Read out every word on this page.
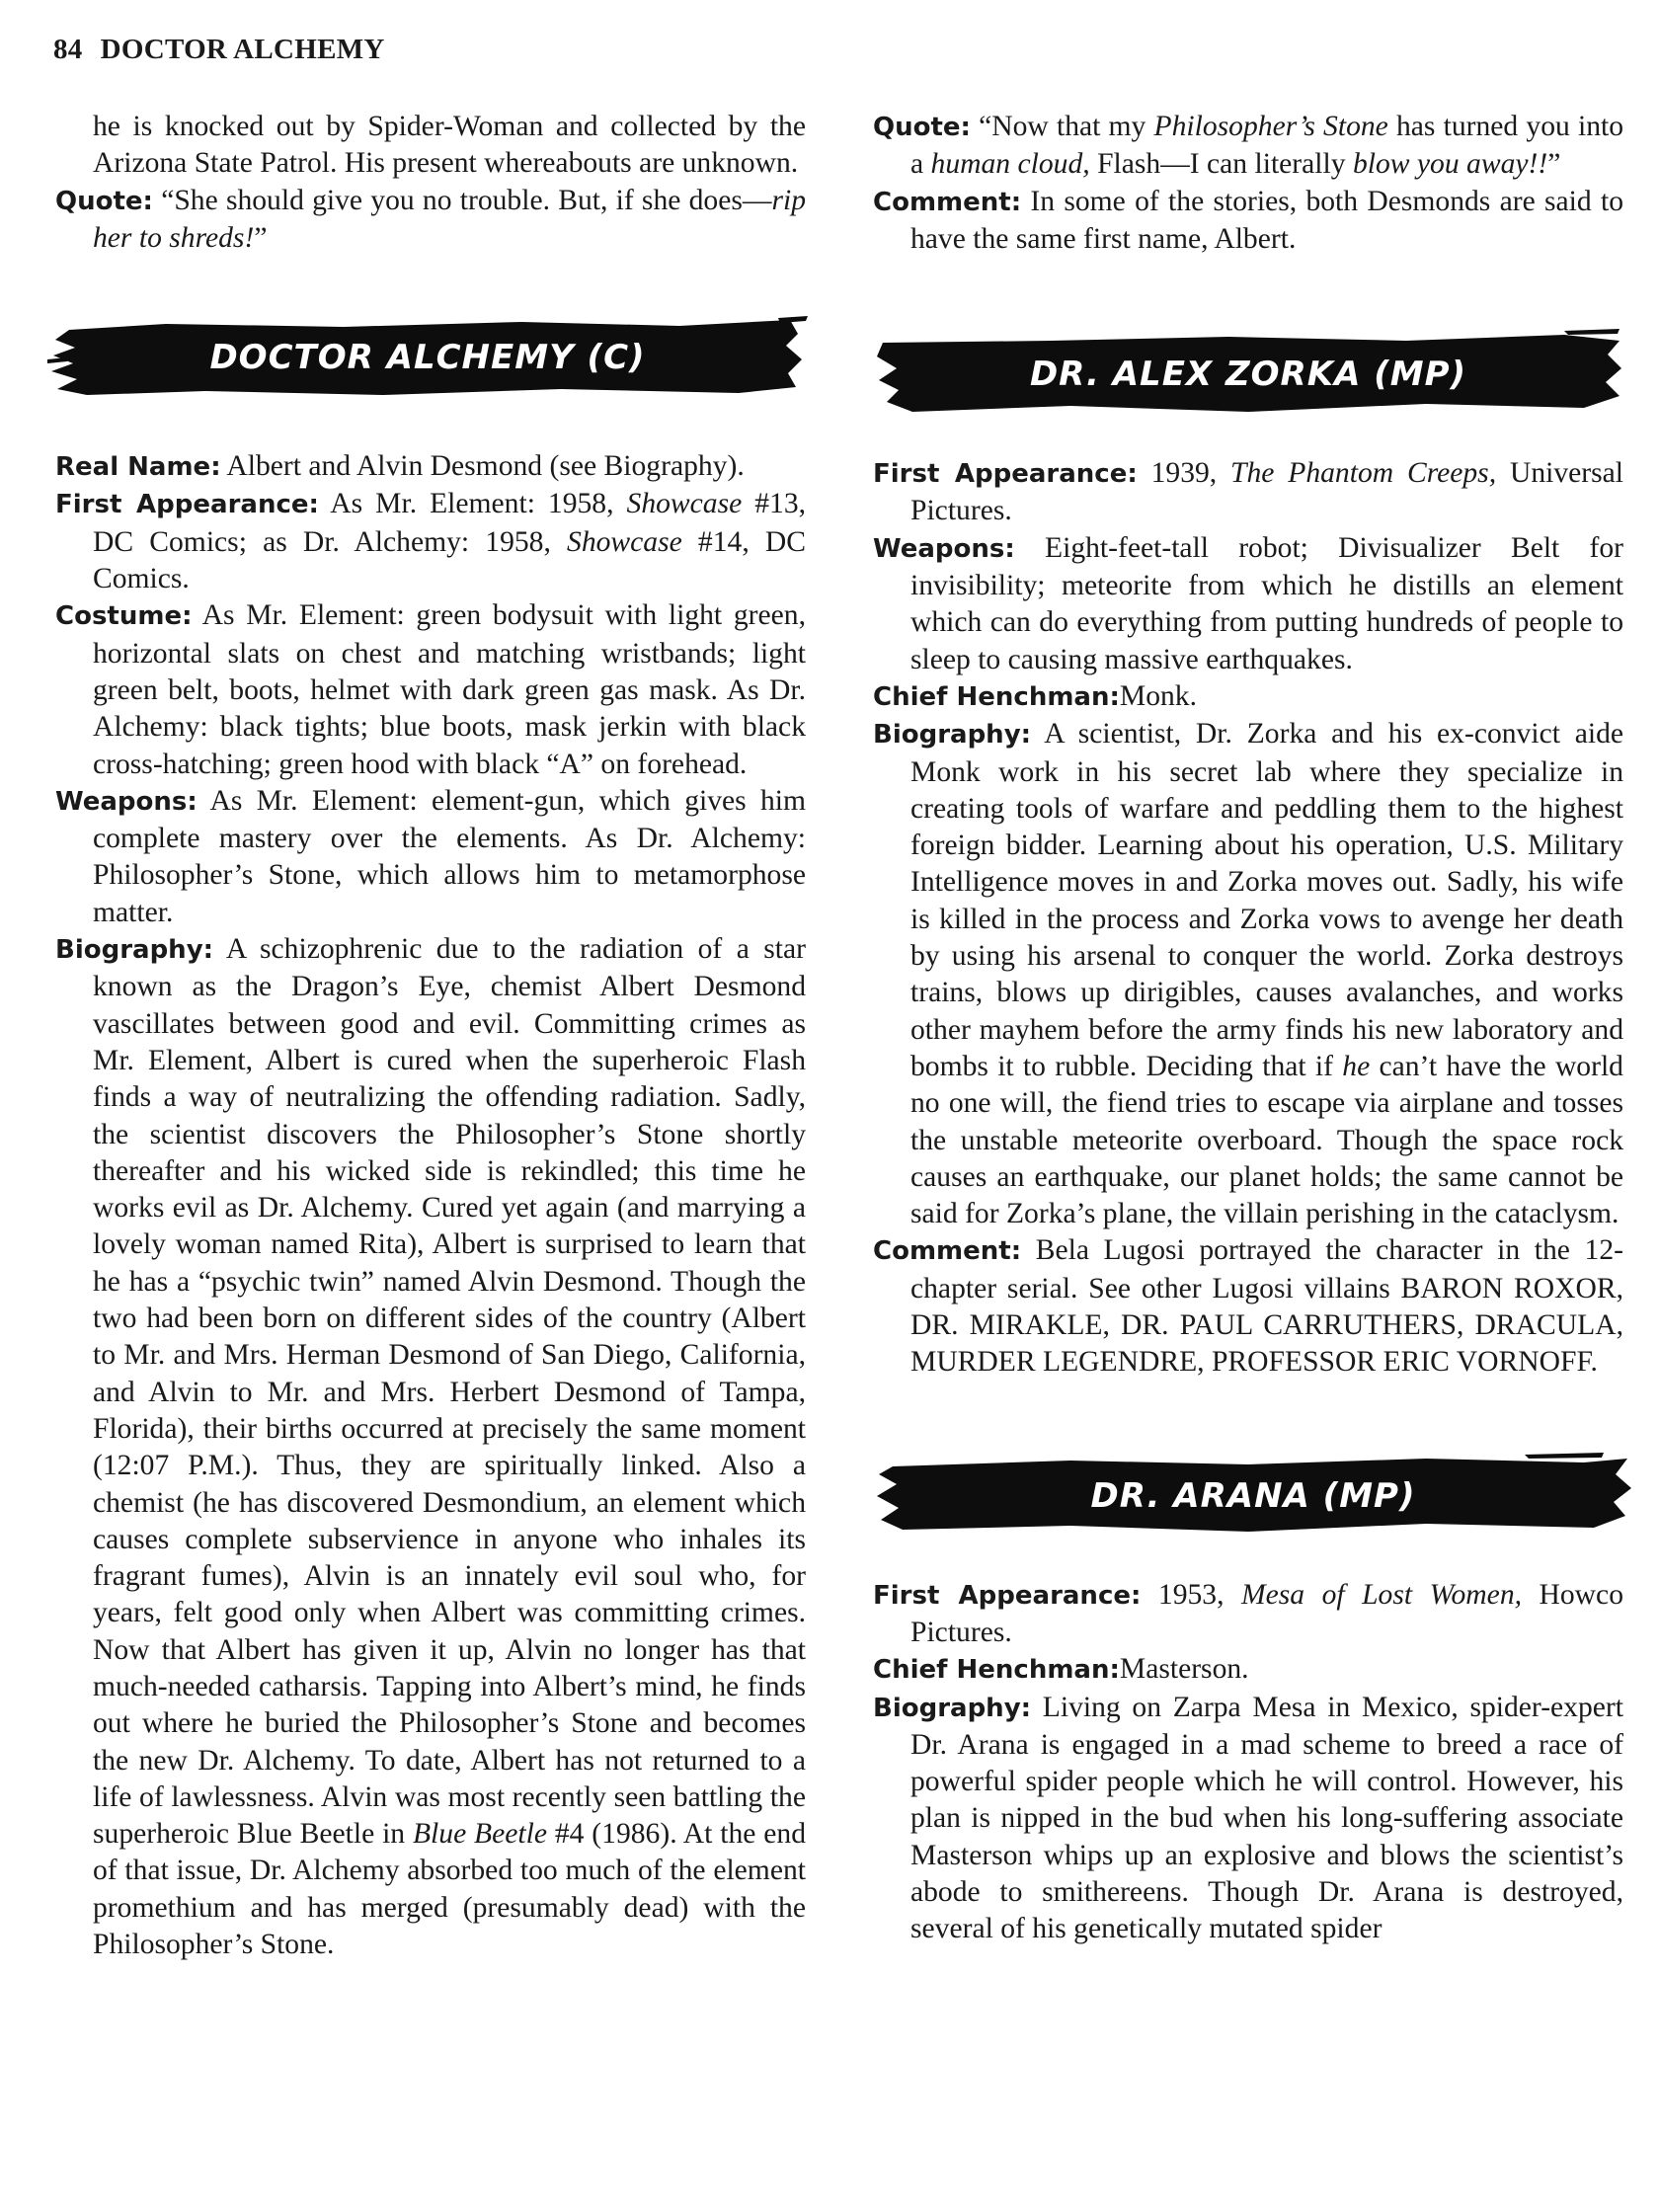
84 DOCTOR ALCHEMY

he is knocked out by Spider-Woman and collected by the Arizona State Patrol. His present whereabouts are unknown.

Quote: “She should give you no trouble. But, if she does—rip her to shreds!”

DOCTOR ALCHEMY (C)

Real Name: Albert and Alvin Desmond (see Biography).

First Appearance: As Mr. Element: 1958, Showcase #13, DC Comics; as Dr. Alchemy: 1958, Showcase #14, DC Comics.

Costume: As Mr. Element: green bodysuit with light green, horizontal slats on chest and matching wristbands; light green belt, boots, helmet with dark green gas mask. As Dr. Alchemy: black tights; blue boots, mask jerkin with black cross-hatching; green hood with black “A” on forehead.

Weapons: As Mr. Element: element-gun, which gives him complete mastery over the elements. As Dr. Alchemy: Philosopher’s Stone, which allows him to metamorphose matter.

Biography: A schizophrenic due to the radiation of a star known as the Dragon’s Eye, chemist Albert Desmond vascillates between good and evil. Committing crimes as Mr. Element, Albert is cured when the superheroic Flash finds a way of neutralizing the offending radiation. Sadly, the scientist discovers the Philosopher’s Stone shortly thereafter and his wicked side is rekindled; this time he works evil as Dr. Alchemy. Cured yet again (and marrying a lovely woman named Rita), Albert is surprised to learn that he has a “psychic twin” named Alvin Desmond. Though the two had been born on different sides of the country (Albert to Mr. and Mrs. Herman Desmond of San Diego, California, and Alvin to Mr. and Mrs. Herbert Desmond of Tampa, Florida), their births occurred at precisely the same moment (12:07 P.M.). Thus, they are spiritually linked. Also a chemist (he has discovered Desmondium, an element which causes complete subservience in anyone who inhales its fragrant fumes), Alvin is an innately evil soul who, for years, felt good only when Albert was committing crimes. Now that Albert has given it up, Alvin no longer has that much-needed catharsis. Tapping into Albert’s mind, he finds out where he buried the Philosopher’s Stone and becomes the new Dr. Alchemy. To date, Albert has not returned to a life of lawlessness. Alvin was most recently seen battling the superheroic Blue Beetle in Blue Beetle #4 (1986). At the end of that issue, Dr. Alchemy absorbed too much of the element promethium and has merged (presumably dead) with the Philosopher’s Stone.

Quote: “Now that my Philosopher’s Stone has turned you into a human cloud, Flash—I can literally blow you away!!”

Comment: In some of the stories, both Desmonds are said to have the same first name, Albert.

DR. ALEX ZORKA (MP)

First Appearance: 1939, The Phantom Creeps, Universal Pictures.

Weapons: Eight-feet-tall robot; Divisualizer Belt for invisibility; meteorite from which he distills an element which can do everything from putting hundreds of people to sleep to causing massive earthquakes.

Chief Henchman:Monk.

Biography: A scientist, Dr. Zorka and his ex-convict aide Monk work in his secret lab where they specialize in creating tools of warfare and peddling them to the highest foreign bidder. Learning about his operation, U.S. Military Intelligence moves in and Zorka moves out. Sadly, his wife is killed in the process and Zorka vows to avenge her death by using his arsenal to conquer the world. Zorka destroys trains, blows up dirigibles, causes avalanches, and works other mayhem before the army finds his new laboratory and bombs it to rubble. Deciding that if he can’t have the world no one will, the fiend tries to escape via airplane and tosses the unstable meteorite overboard. Though the space rock causes an earthquake, our planet holds; the same cannot be said for Zorka’s plane, the villain perishing in the cataclysm.

Comment: Bela Lugosi portrayed the character in the 12-chapter serial. See other Lugosi villains BARON ROXOR, DR. MIRAKLE, DR. PAUL CARRUTHERS, DRACULA, MURDER LEGENDRE, PROFESSOR ERIC VORNOFF.

DR. ARANA (MP)

First Appearance: 1953, Mesa of Lost Women, Howco Pictures.

Chief Henchman:Masterson.

Biography: Living on Zarpa Mesa in Mexico, spider-expert Dr. Arana is engaged in a mad scheme to breed a race of powerful spider people which he will control. However, his plan is nipped in the bud when his long-suffering associate Masterson whips up an explosive and blows the scientist’s abode to smithereens. Though Dr. Arana is destroyed, several of his genetically mutated spider
